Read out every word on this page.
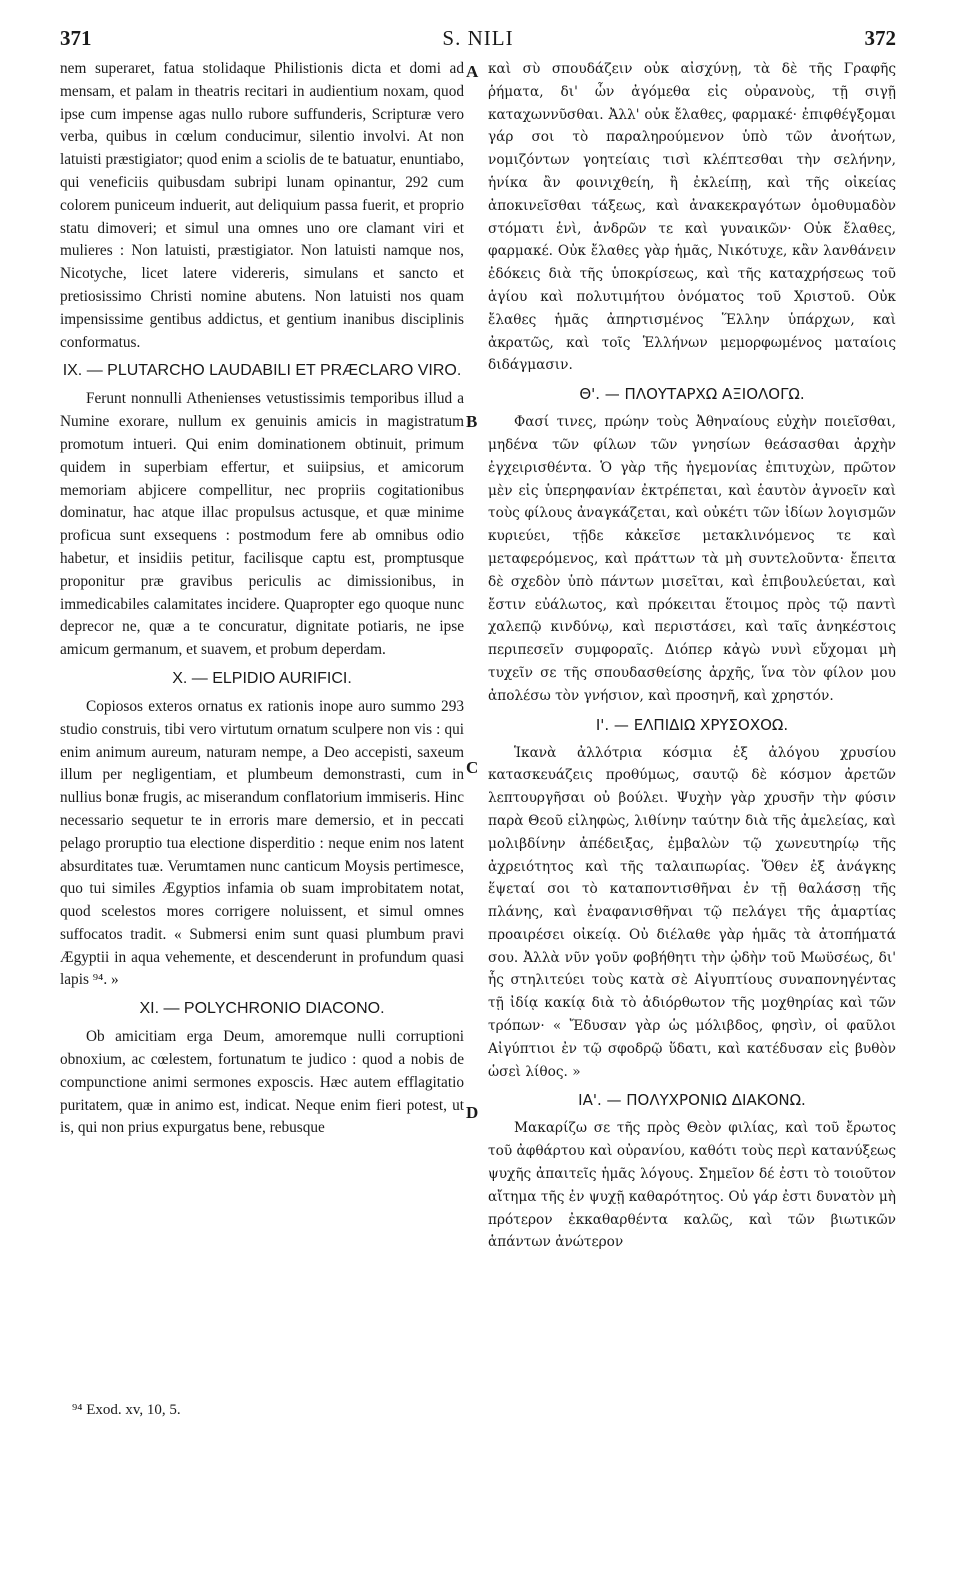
371	S. NILI	372

nem superaret, fatua stolidaque Philistionis dicta et domi ad mensam, et palam in theatris recitari in audientium noxam, quod ipse cum impense agas nullo rubore suffunderis, Scripturæ vero verba, quibus in cœlum conducimur, silentio involvi. At non latuisti præstigiator; quod enim a sciolis de te batuatur, enuntiabo, qui veneficiis quibusdam subripi lunam opinantur, 292 cum colorem puniceum induerit, aut deliquium passa fuerit, et proprio statu dimoveri; et simul una omnes uno ore clamant viri et mulieres : Non latuisti, præstigiator. Non latuisti namque nos, Nicotyche, licet latere videreris, simulans et sancto et pretiosissimo Christi nomine abutens. Non latuisti nos quam impensissime gentibus addictus, et gentium inanibus disciplinis conformatus.

IX. — PLUTARCHO LAUDABILI ET PRÆCLARO VIRO.

Ferunt nonnulli Athenienses vetustissimis temporibus illud a Numine exorare, nullum ex genuinis amicis in magistratum promotum intueri. Qui enim dominationem obtinuit, primum quidem in superbiam effertur, et suiipsius, et amicorum memoriam abjicere compellitur, nec propriis cogitationibus dominatur, hac atque illac propulsus actusque, et quæ minime proficua sunt exsequens : postmodum fere ab omnibus odio habetur, et insidiis petitur, facilisque captu est, promptusque proponitur præ gravibus periculis ac dimissionibus, in immedicabiles calamitates incidere. Quapropter ego quoque nunc deprecor ne, quæ a te concuratur, dignitate potiaris, ne ipse amicum germanum, et suavem, et probum deperdam.

X. — ELPIDIO AURIFICI.

Copiosos exteros ornatus ex rationis inope auro summo 293 studio construis, tibi vero virtutum ornatum sculpere non vis : qui enim animum aureum, naturam nempe, a Deo accepisti, saxeum illum per negligentiam, et plumbeum demonstrasti, cum in nullius bonæ frugis, ac miserandum conflatorium immiseris. Hinc necessario sequetur te in erroris mare demersio, et in peccati pelago proruptio tua electione disperditio : neque enim nos latent absurditates tuæ. Verumtamen nunc canticum Moysis pertimesce, quo tui similes Ægyptios infamia ob suam improbitatem notat, quod scelestos mores corrigere noluissent, et simul omnes suffocatos tradit. « Submersi enim sunt quasi plumbum pravi Ægyptii in aqua vehemente, et descenderunt in profundum quasi lapis ⁹⁴. »

XI. — POLYCHRONIO DIACONO.

Ob amicitiam erga Deum, amoremque nulli corruptioni obnoxium, ac cœlestem, fortunatum te judico : quod a nobis de compunctione animi sermones exposcis. Hæc autem efflagitatio puritatem, quæ in animo est, indicat. Neque enim fieri potest, ut is, qui non prius expurgatus bene, rebusque

A
B
C
D

καὶ σὺ σπουδάζειν οὐκ αἰσχύνῃ, τὰ δὲ τῆς Γραφῆς ῥήματα, δι' ὧν ἀγόμεθα εἰς οὐρανοὺς, τῇ σιγῇ καταχωννῦσθαι. Ἀλλ' οὐκ ἔλαθες, φαρμακέ· ἐπιφθέγξομαι γάρ σοι τὸ παραληρούμενον ὑπὸ τῶν ἀνοήτων, νομιζόντων γοητείαις τισὶ κλέπτεσθαι τὴν σελήνην, ἡνίκα ἂν φοινιχθείη, ἢ ἐκλείπῃ, καὶ τῆς οἰκείας ἀποκινεῖσθαι τάξεως, καὶ ἀνακεκραγότων ὁμοθυμαδὸν στόματι ἑνὶ, ἀνδρῶν τε καὶ γυναικῶν· Οὐκ ἔλαθες, φαρμακέ. Οὐκ ἔλαθες γὰρ ἡμᾶς, Νικότυχε, κἂν λανθάνειν ἐδόκεις διὰ τῆς ὑποκρίσεως, καὶ τῆς καταχρήσεως τοῦ ἁγίου καὶ πολυτιμήτου ὀνόματος τοῦ Χριστοῦ. Οὐκ ἔλαθες ἡμᾶς ἀπηρτισμένος Ἕλλην ὑπάρχων, καὶ ἀκρατῶς, καὶ τοῖς Ἑλλήνων μεμορφωμένος ματαίοις διδάγμασιν.

Θ'. — ΠΛΟΥΤΑΡΧΩ ΑΞΙΟΛΟΓΩ.

Φασί τινες, πρώην τοὺς Ἀθηναίους εὐχὴν ποιεῖσθαι, μηδένα τῶν φίλων τῶν γνησίων θεάσασθαι ἀρχὴν ἐγχειρισθέντα. Ὁ γὰρ τῆς ἡγεμονίας ἐπιτυχὼν, πρῶτον μὲν εἰς ὑπερηφανίαν ἐκτρέπεται, καὶ ἑαυτὸν ἀγνοεῖν καὶ τοὺς φίλους ἀναγκάζεται, καὶ οὐκέτι τῶν ἰδίων λογισμῶν κυριεύει, τῇδε κἀκεῖσε μετακλινόμενος τε καὶ μεταφερόμενος, καὶ πράττων τὰ μὴ συντελοῦντα· ἔπειτα δὲ σχεδὸν ὑπὸ πάντων μισεῖται, καὶ ἐπιβουλεύεται, καὶ ἔστιν εὐάλωτος, καὶ πρόκειται ἕτοιμος πρὸς τῷ παντὶ χαλεπῷ κινδύνῳ, καὶ περιστάσει, καὶ ταῖς ἀνηκέστοις περιπεσεῖν συμφοραῖς. Διόπερ κἀγὼ νυνὶ εὔχομαι μὴ τυχεῖν σε τῆς σπουδασθείσης ἀρχῆς, ἵνα τὸν φίλον μου ἀπολέσω τὸν γνήσιον, καὶ προσηνῆ, καὶ χρηστόν.

Ι'. — ΕΛΠΙΔΙΩ ΧΡΥΣΟΧΟΩ.

Ἱκανὰ ἀλλότρια κόσμια ἐξ ἀλόγου χρυσίου κατασκευάζεις προθύμως, σαυτῷ δὲ κόσμον ἀρετῶν λεπτουργῆσαι οὐ βούλει. Ψυχὴν γὰρ χρυσῆν τὴν φύσιν παρὰ Θεοῦ εἰληφὼς, λιθίνην ταύτην διὰ τῆς ἀμελείας, καὶ μολιβδίνην ἀπέδειξας, ἐμβαλὼν τῷ χωνευτηρίῳ τῆς ἀχρειότητος καὶ τῆς ταλαιπωρίας. Ὅθεν ἐξ ἀνάγκης ἕψεταί σοι τὸ καταποντισθῆναι ἐν τῇ θαλάσσῃ τῆς πλάνης, καὶ ἐναφανισθῆναι τῷ πελάγει τῆς ἁμαρτίας προαιρέσει οἰκείᾳ. Οὐ διέλαθε γὰρ ἡμᾶς τὰ ἀτοπήματά σου. Ἀλλὰ νῦν γοῦν φοβήθητι τὴν ᾠδὴν τοῦ Μωϋσέως, δι' ἧς στηλιτεύει τοὺς κατὰ σὲ Αἰγυπτίους συναπονηγέντας τῇ ἰδίᾳ κακίᾳ διὰ τὸ ἀδιόρθωτον τῆς μοχθηρίας καὶ τῶν τρόπων· « Ἔδυσαν γὰρ ὡς μόλιβδος, φησὶν, οἱ φαῦλοι Αἰγύπτιοι ἐν τῷ σφοδρῷ ὕδατι, καὶ κατέδυσαν εἰς βυθὸν ὡσεὶ λίθος. »

ΙΑ'. — ΠΟΛΥΧΡΟΝΙΩ ΔΙΑΚΟΝΩ.

Μακαρίζω σε τῆς πρὸς Θεὸν φιλίας, καὶ τοῦ ἔρωτος τοῦ ἀφθάρτου καὶ οὐρανίου, καθότι τοὺς περὶ κατανύξεως ψυχῆς ἀπαιτεῖς ἡμᾶς λόγους. Σημεῖον δέ ἐστι τὸ τοιοῦτον αἴτημα τῆς ἐν ψυχῇ καθαρότητος. Οὐ γάρ ἐστι δυνατὸν μὴ πρότερον ἐκκαθαρθέντα καλῶς, καὶ τῶν βιωτικῶν ἁπάντων ἀνώτερον

⁹⁴ Exod. xv, 10, 5.
